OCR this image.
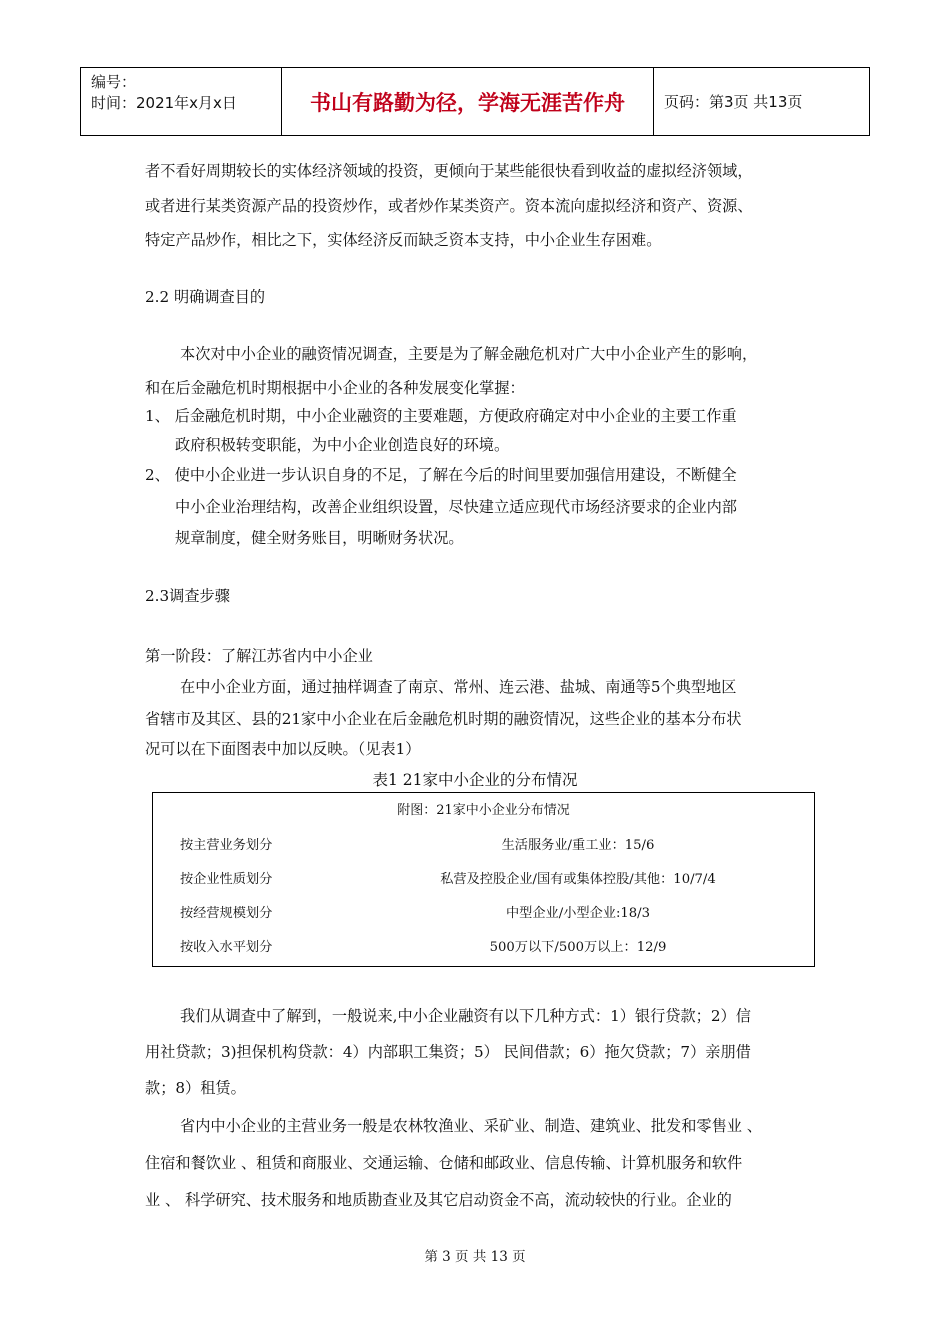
编号：
时间：2021年x月x日	书山有路勤为径，学海无涯苦作舟	页码：第3页 共13页
者不看好周期较长的实体经济领域的投资，更倾向于某些能很快看到收益的虚拟经济领域，
或者进行某类资源产品的投资炒作，或者炒作某类资产。资本流向虚拟经济和资产、资源、
特定产品炒作，相比之下，实体经济反而缺乏资本支持，中小企业生存困难。
2.2 明确调查目的
本次对中小企业的融资情况调查，主要是为了解金融危机对广大中小企业产生的影响，
和在后金融危机时期根据中小企业的各种发展变化掌握：
1、 后金融危机时期，中小企业融资的主要难题，方便政府确定对中小企业的主要工作重
政府积极转变职能，为中小企业创造良好的环境。
2、 使中小企业进一步认识自身的不足，了解在今后的时间里要加强信用建设，不断健全
中小企业治理结构，改善企业组织设置，尽快建立适应现代市场经济要求的企业内部
规章制度，健全财务账目，明晰财务状况。
2.3调查步骤
第一阶段：了解江苏省内中小企业
在中小企业方面，通过抽样调查了南京、常州、连云港、盐城、南通等5个典型地区
省辖市及其区、县的21家中小企业在后金融危机时期的融资情况，这些企业的基本分布状
况可以在下面图表中加以反映。（见表1）
表1 21家中小企业的分布情况
附图：21家中小企业分布情况
按主营业务划分	生活服务业/重工业：15/6
按企业性质划分	私营及控股企业/国有或集体控股/其他：10/7/4
按经营规模划分	中型企业/小型企业:18/3
按收入水平划分	500万以下/500万以上：12/9
我们从调查中了解到，一般说来,中小企业融资有以下几种方式：1）银行贷款；2）信
用社贷款；3)担保机构贷款：4）内部职工集资；5） 民间借款；6）拖欠贷款；7）亲朋借
款；8）租赁。
省内中小企业的主营业务一般是农林牧渔业、采矿业、制造、建筑业、批发和零售业 、
住宿和餐饮业 、租赁和商服业、交通运输、仓储和邮政业、信息传输、计算机服务和软件
业 、 科学研究、技术服务和地质勘查业及其它启动资金不高，流动较快的行业。企业的
第 3 页 共 13 页
